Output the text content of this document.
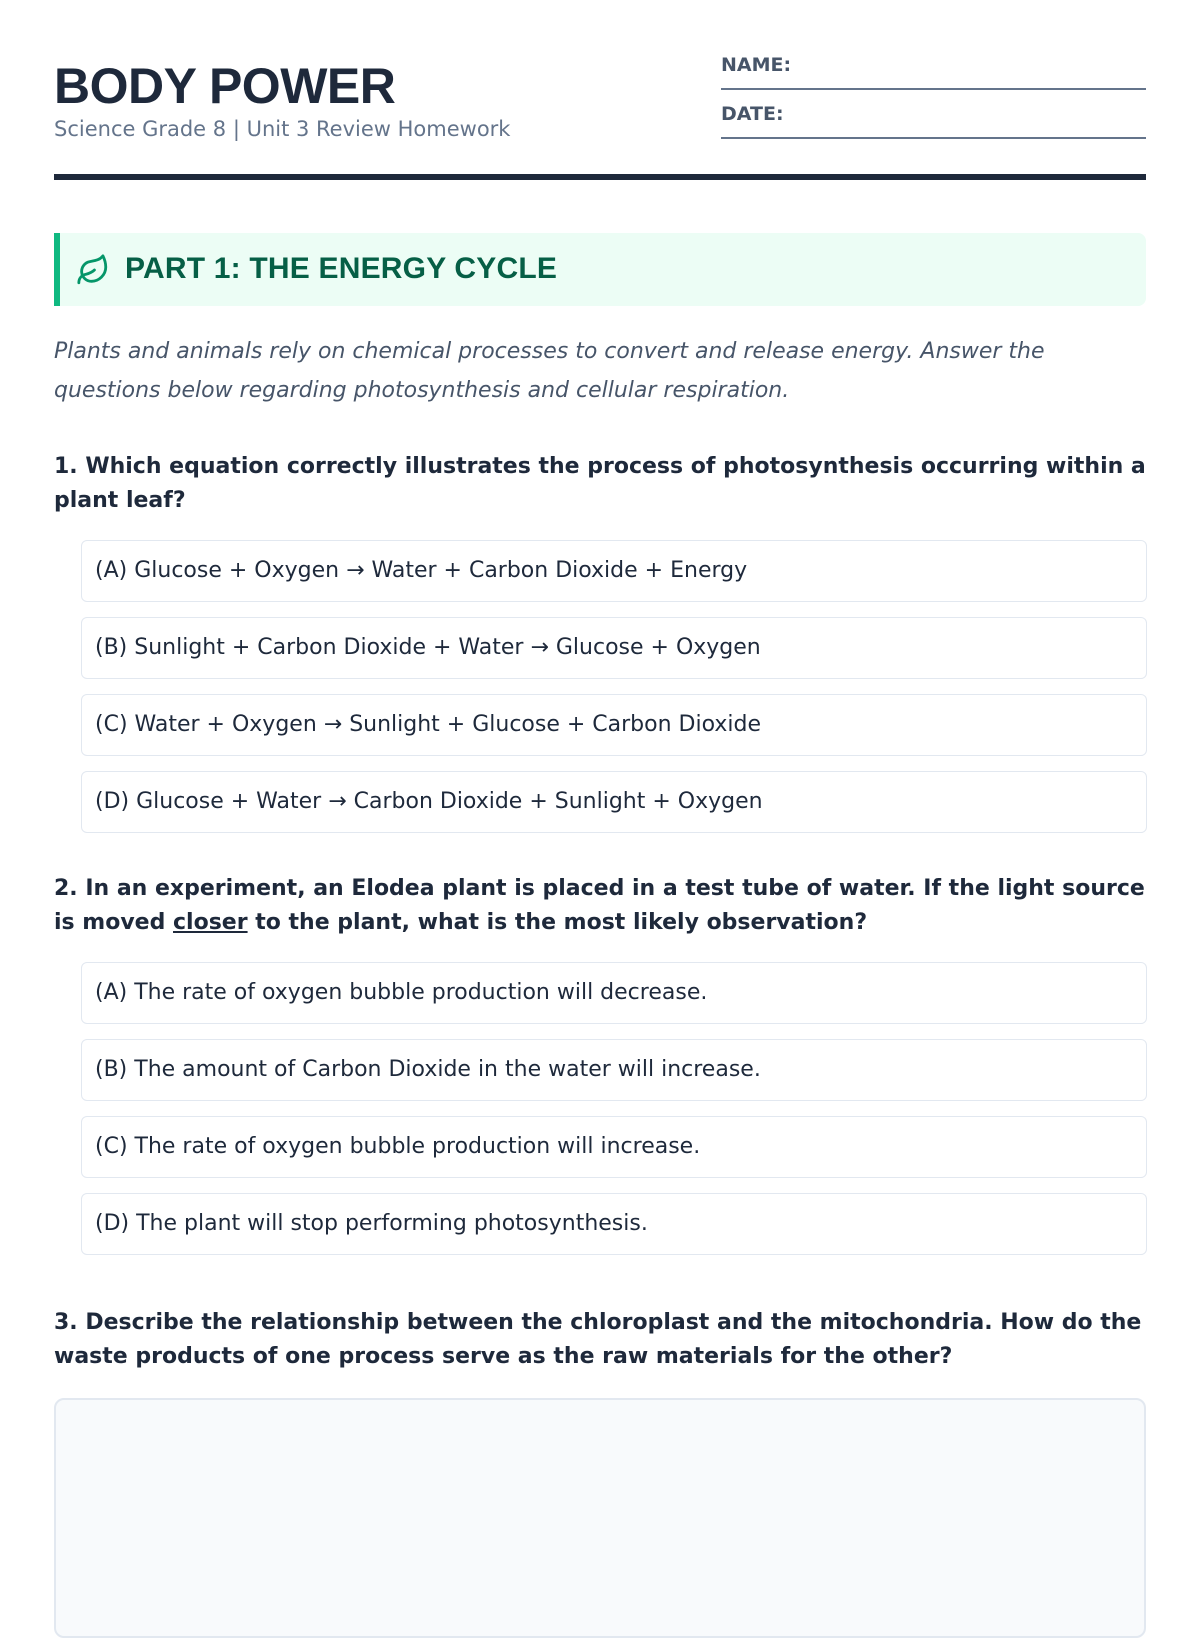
BODY POWER
Science Grade 8 | Unit 3 Review Homework
NAME:
DATE:
PART 1: THE ENERGY CYCLE

Plants and animals rely on chemical processes to convert and release energy. Answer the questions below regarding photosynthesis and cellular respiration.

1. Which equation correctly illustrates the process of photosynthesis occurring within a plant leaf?

(A) Glucose + Oxygen → Water + Carbon Dioxide + Energy
(B) Sunlight + Carbon Dioxide + Water → Glucose + Oxygen
(C) Water + Oxygen → Sunlight + Glucose + Carbon Dioxide
(D) Glucose + Water → Carbon Dioxide + Sunlight + Oxygen

2. In an experiment, an Elodea plant is placed in a test tube of water. If the light source is moved closer to the plant, what is the most likely observation?

(A) The rate of oxygen bubble production will decrease.
(B) The amount of Carbon Dioxide in the water will increase.
(C) The rate of oxygen bubble production will increase.
(D) The plant will stop performing photosynthesis.

3. Describe the relationship between the chloroplast and the mitochondria. How do the waste products of one process serve as the raw materials for the other?
